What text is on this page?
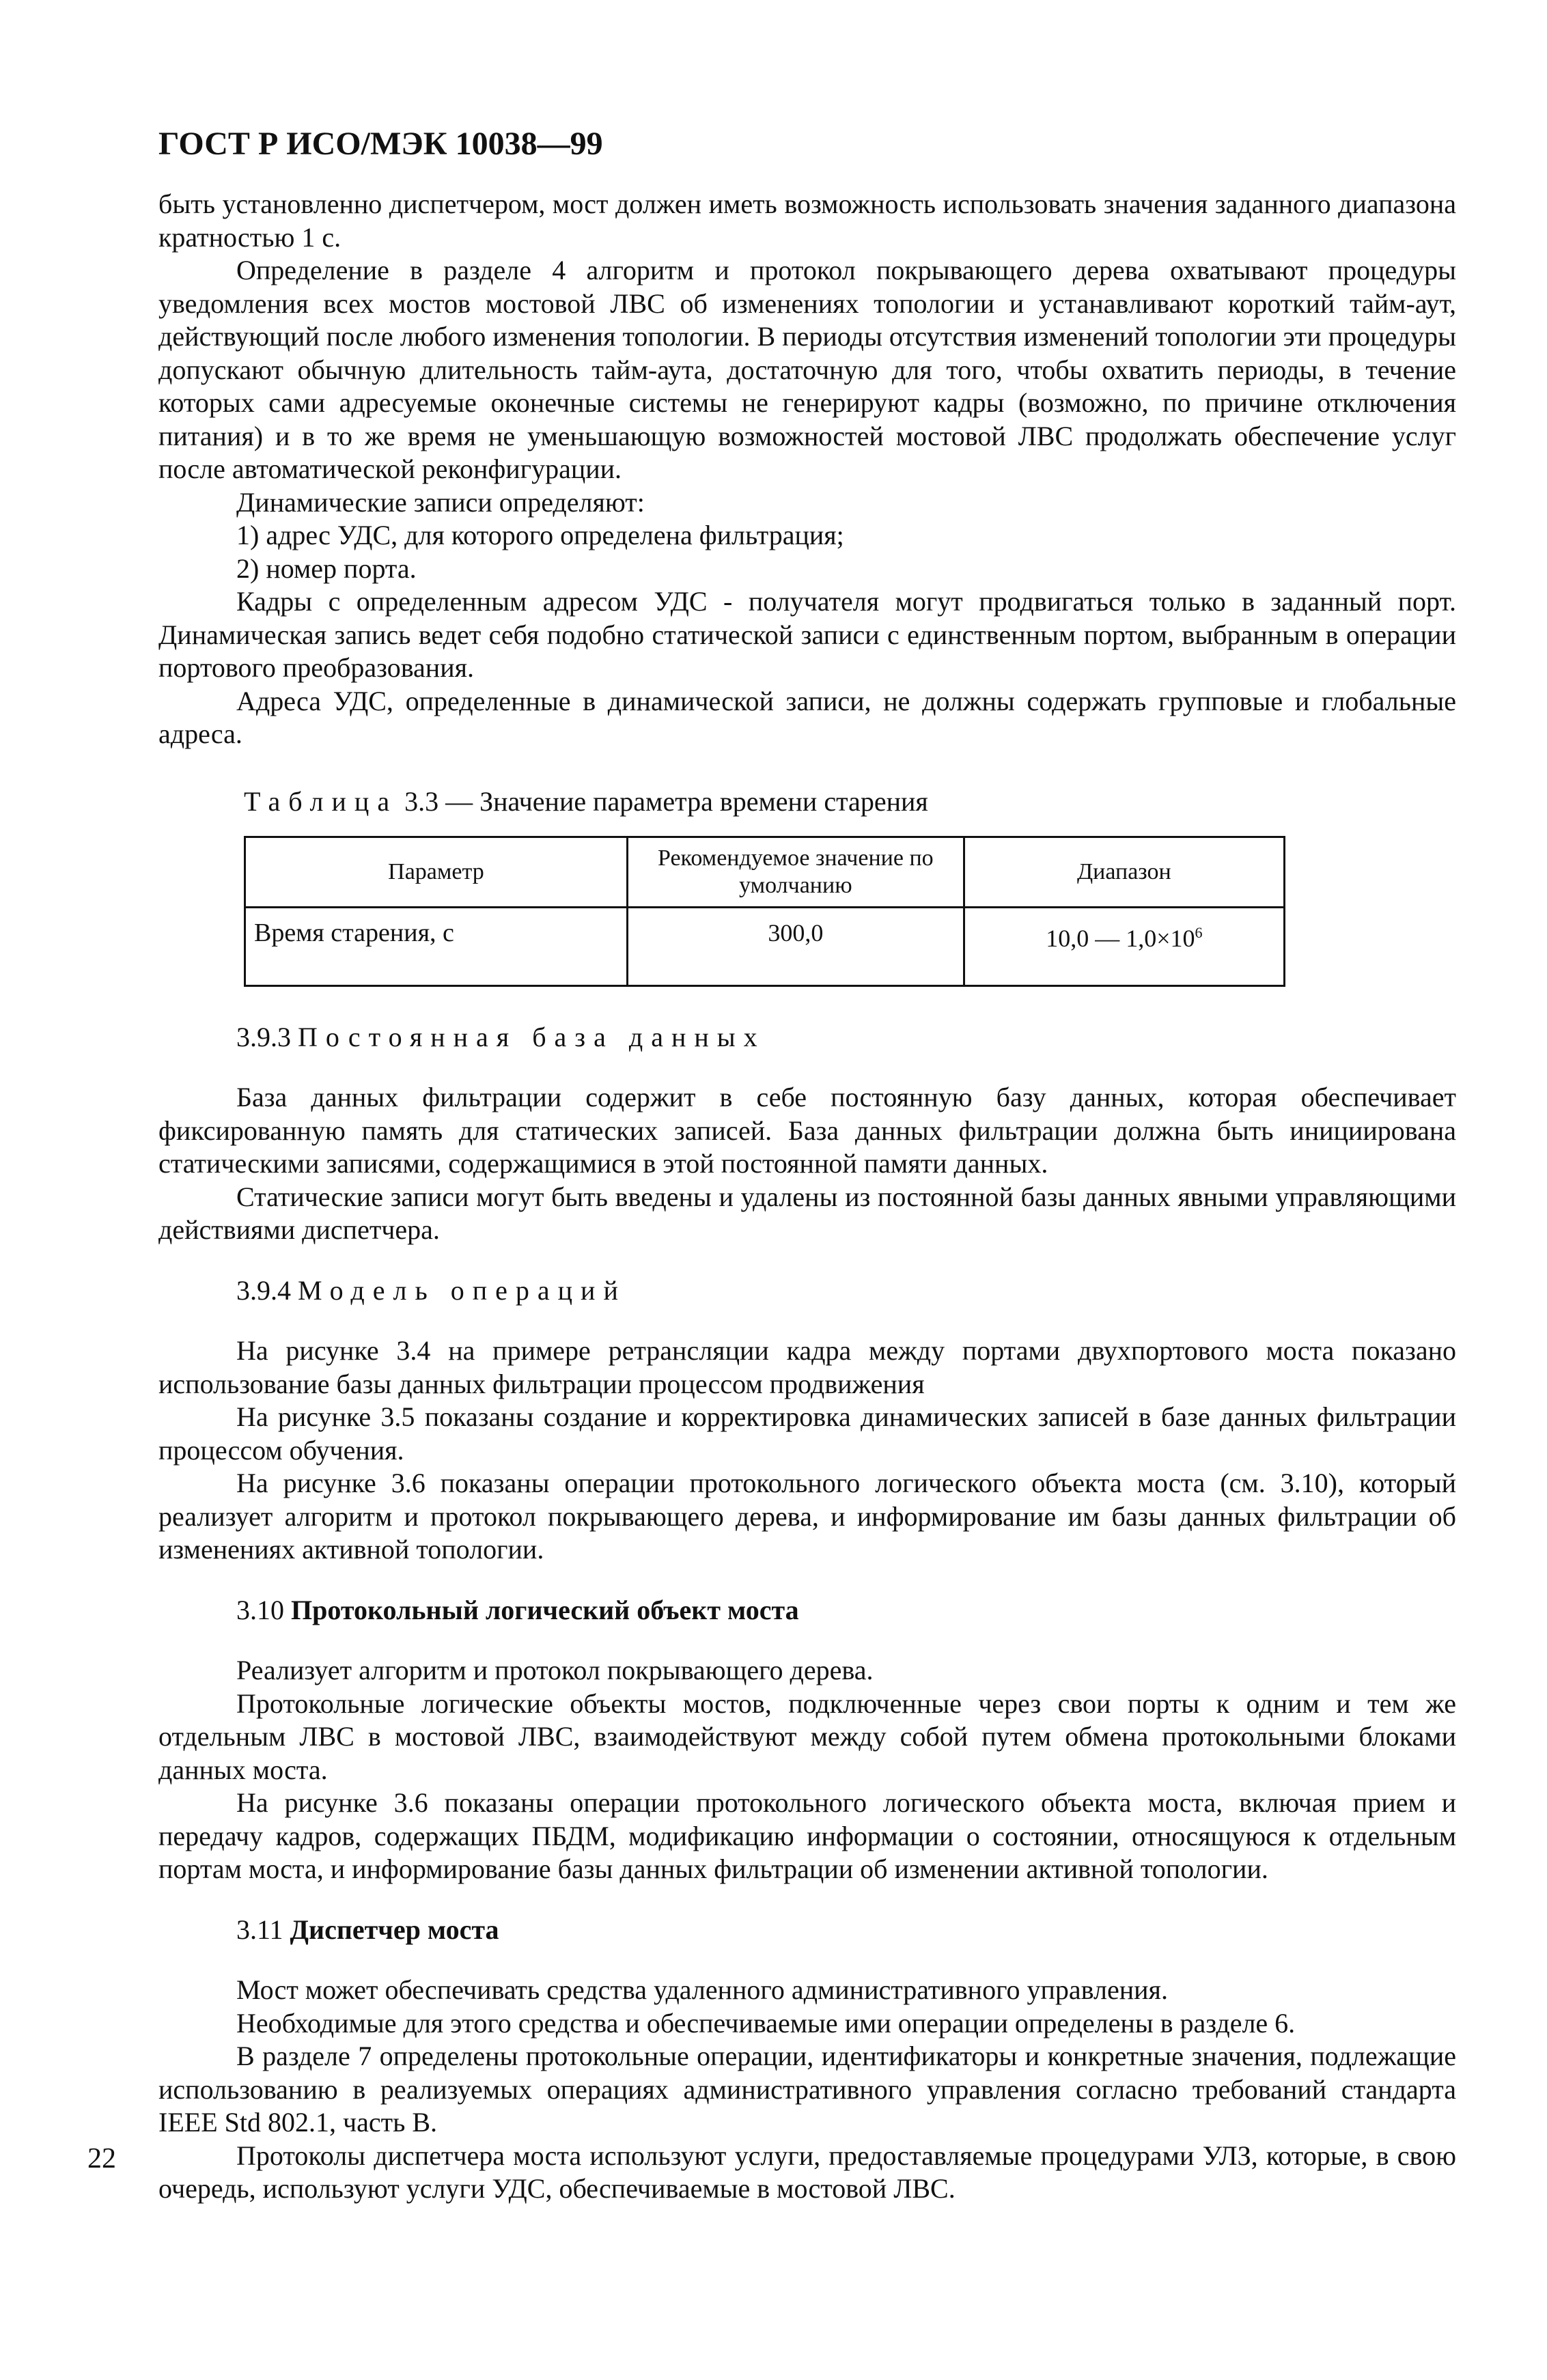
ГОСТ Р ИСО/МЭК 10038—99

быть установленно диспетчером, мост должен иметь возможность использовать значения заданного диапазона кратностью 1 с.

Определение в разделе 4 алгоритм и протокол покрывающего дерева охватывают процедуры уведомления всех мостов мостовой ЛВС об изменениях топологии и устанавливают короткий тайм-аут, действующий после любого изменения топологии. В периоды отсутствия изменений топологии эти процедуры допускают обычную длительность тайм-аута, достаточную для того, чтобы охватить периоды, в течение которых сами адресуемые оконечные системы не генерируют кадры (возможно, по причине отключения питания) и в то же время не уменьшающую возможностей мостовой ЛВС продолжать обеспечение услуг после автоматической реконфигурации.

Динамические записи определяют:

1) адрес УДС, для которого определена фильтрация;

2) номер порта.

Кадры с определенным адресом УДС - получателя могут продвигаться только в заданный порт. Динамическая запись ведет себя подобно статической записи с единственным портом, выбранным в операции портового преобразования.

Адреса УДС, определенные в динамической записи, не должны содержать групповые и глобальные адреса.

Таблица 3.3 — Значение параметра времени старения
Параметр	Рекомендуемое значение по умолчанию	Диапазон
Время старения, с	300,0	10,0 — $1,0\times 10^6$

3.9.3 Постоянная база данных

База данных фильтрации содержит в себе постоянную базу данных, которая обеспечивает фиксированную память для статических записей. База данных фильтрации должна быть инициирована статическими записями, содержащимися в этой постоянной памяти данных.

Статические записи могут быть введены и удалены из постоянной базы данных явными управляющими действиями диспетчера.

3.9.4 Модель операций

На рисунке 3.4 на примере ретрансляции кадра между портами двухпортового моста показано использование базы данных фильтрации процессом продвижения

На рисунке 3.5 показаны создание и корректировка динамических записей в базе данных фильтрации процессом обучения.

На рисунке 3.6 показаны операции протокольного логического объекта моста (см. 3.10), который реализует алгоритм и протокол покрывающего дерева, и информирование им базы данных фильтрации об изменениях активной топологии.

3.10 Протокольный логический объект моста

Реализует алгоритм и протокол покрывающего дерева.

Протокольные логические объекты мостов, подключенные через свои порты к одним и тем же отдельным ЛВС в мостовой ЛВС, взаимодействуют между собой путем обмена протокольными блоками данных моста.

На рисунке 3.6 показаны операции протокольного логического объекта моста, включая прием и передачу кадров, содержащих ПБДМ, модификацию информации о состоянии, относящуюся к отдельным портам моста, и информирование базы данных фильтрации об изменении активной топологии.

3.11 Диспетчер моста

Мост может обеспечивать средства удаленного административного управления.

Необходимые для этого средства и обеспечиваемые ими операции определены в разделе 6.

В разделе 7 определены протокольные операции, идентификаторы и конкретные значения, подлежащие использованию в реализуемых операциях административного управления согласно требований стандарта IEEE Std 802.1, часть В.

Протоколы диспетчера моста используют услуги, предоставляемые процедурами УЛЗ, которые, в свою очередь, используют услуги УДС, обеспечиваемые в мостовой ЛВС.

22
